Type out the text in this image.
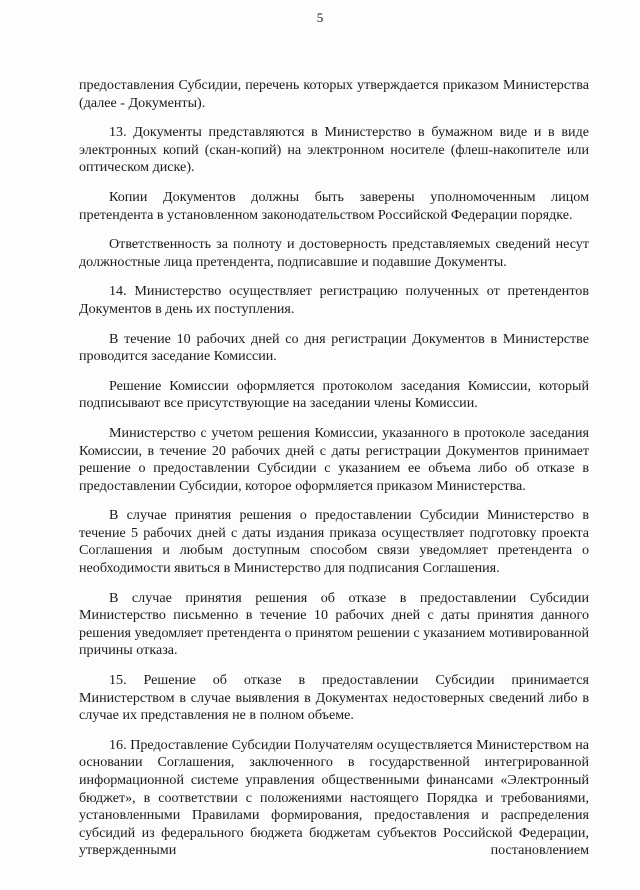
5

предоставления Субсидии, перечень которых утверждается приказом Министерства (далее - Документы).

13. Документы представляются в Министерство в бумажном виде и в виде электронных копий (скан-копий) на электронном носителе (флеш-накопителе или оптическом диске).

Копии Документов должны быть заверены уполномоченным лицом претендента в установленном законодательством Российской Федерации порядке.

Ответственность за полноту и достоверность представляемых сведений несут должностные лица претендента, подписавшие и подавшие Документы.

14. Министерство осуществляет регистрацию полученных от претендентов Документов в день их поступления.

В течение 10 рабочих дней со дня регистрации Документов в Министерстве проводится заседание Комиссии.

Решение Комиссии оформляется протоколом заседания Комиссии, который подписывают все присутствующие на заседании члены Комиссии.

Министерство с учетом решения Комиссии, указанного в протоколе заседания Комиссии, в течение 20 рабочих дней с даты регистрации Документов принимает решение о предоставлении Субсидии с указанием ее объема либо об отказе в предоставлении Субсидии, которое оформляется приказом Министерства.

В случае принятия решения о предоставлении Субсидии Министерство в течение 5 рабочих дней с даты издания приказа осуществляет подготовку проекта Соглашения и любым доступным способом связи уведомляет претендента о необходимости явиться в Министерство для подписания Соглашения.

В случае принятия решения об отказе в предоставлении Субсидии Министерство письменно в течение 10 рабочих дней с даты принятия данного решения уведомляет претендента о принятом решении с указанием мотивированной причины отказа.

15. Решение об отказе в предоставлении Субсидии принимается Министерством в случае выявления в Документах недостоверных сведений либо в случае их представления не в полном объеме.

16. Предоставление Субсидии Получателям осуществляется Министерством на основании Соглашения, заключенного в государственной интегрированной информационной системе управления общественными финансами «Электронный бюджет», в соответствии с положениями настоящего Порядка и требованиями, установленными Правилами формирования, предоставления и распределения субсидий из федерального бюджета бюджетам субъектов Российской Федерации, утвержденными постановлением
